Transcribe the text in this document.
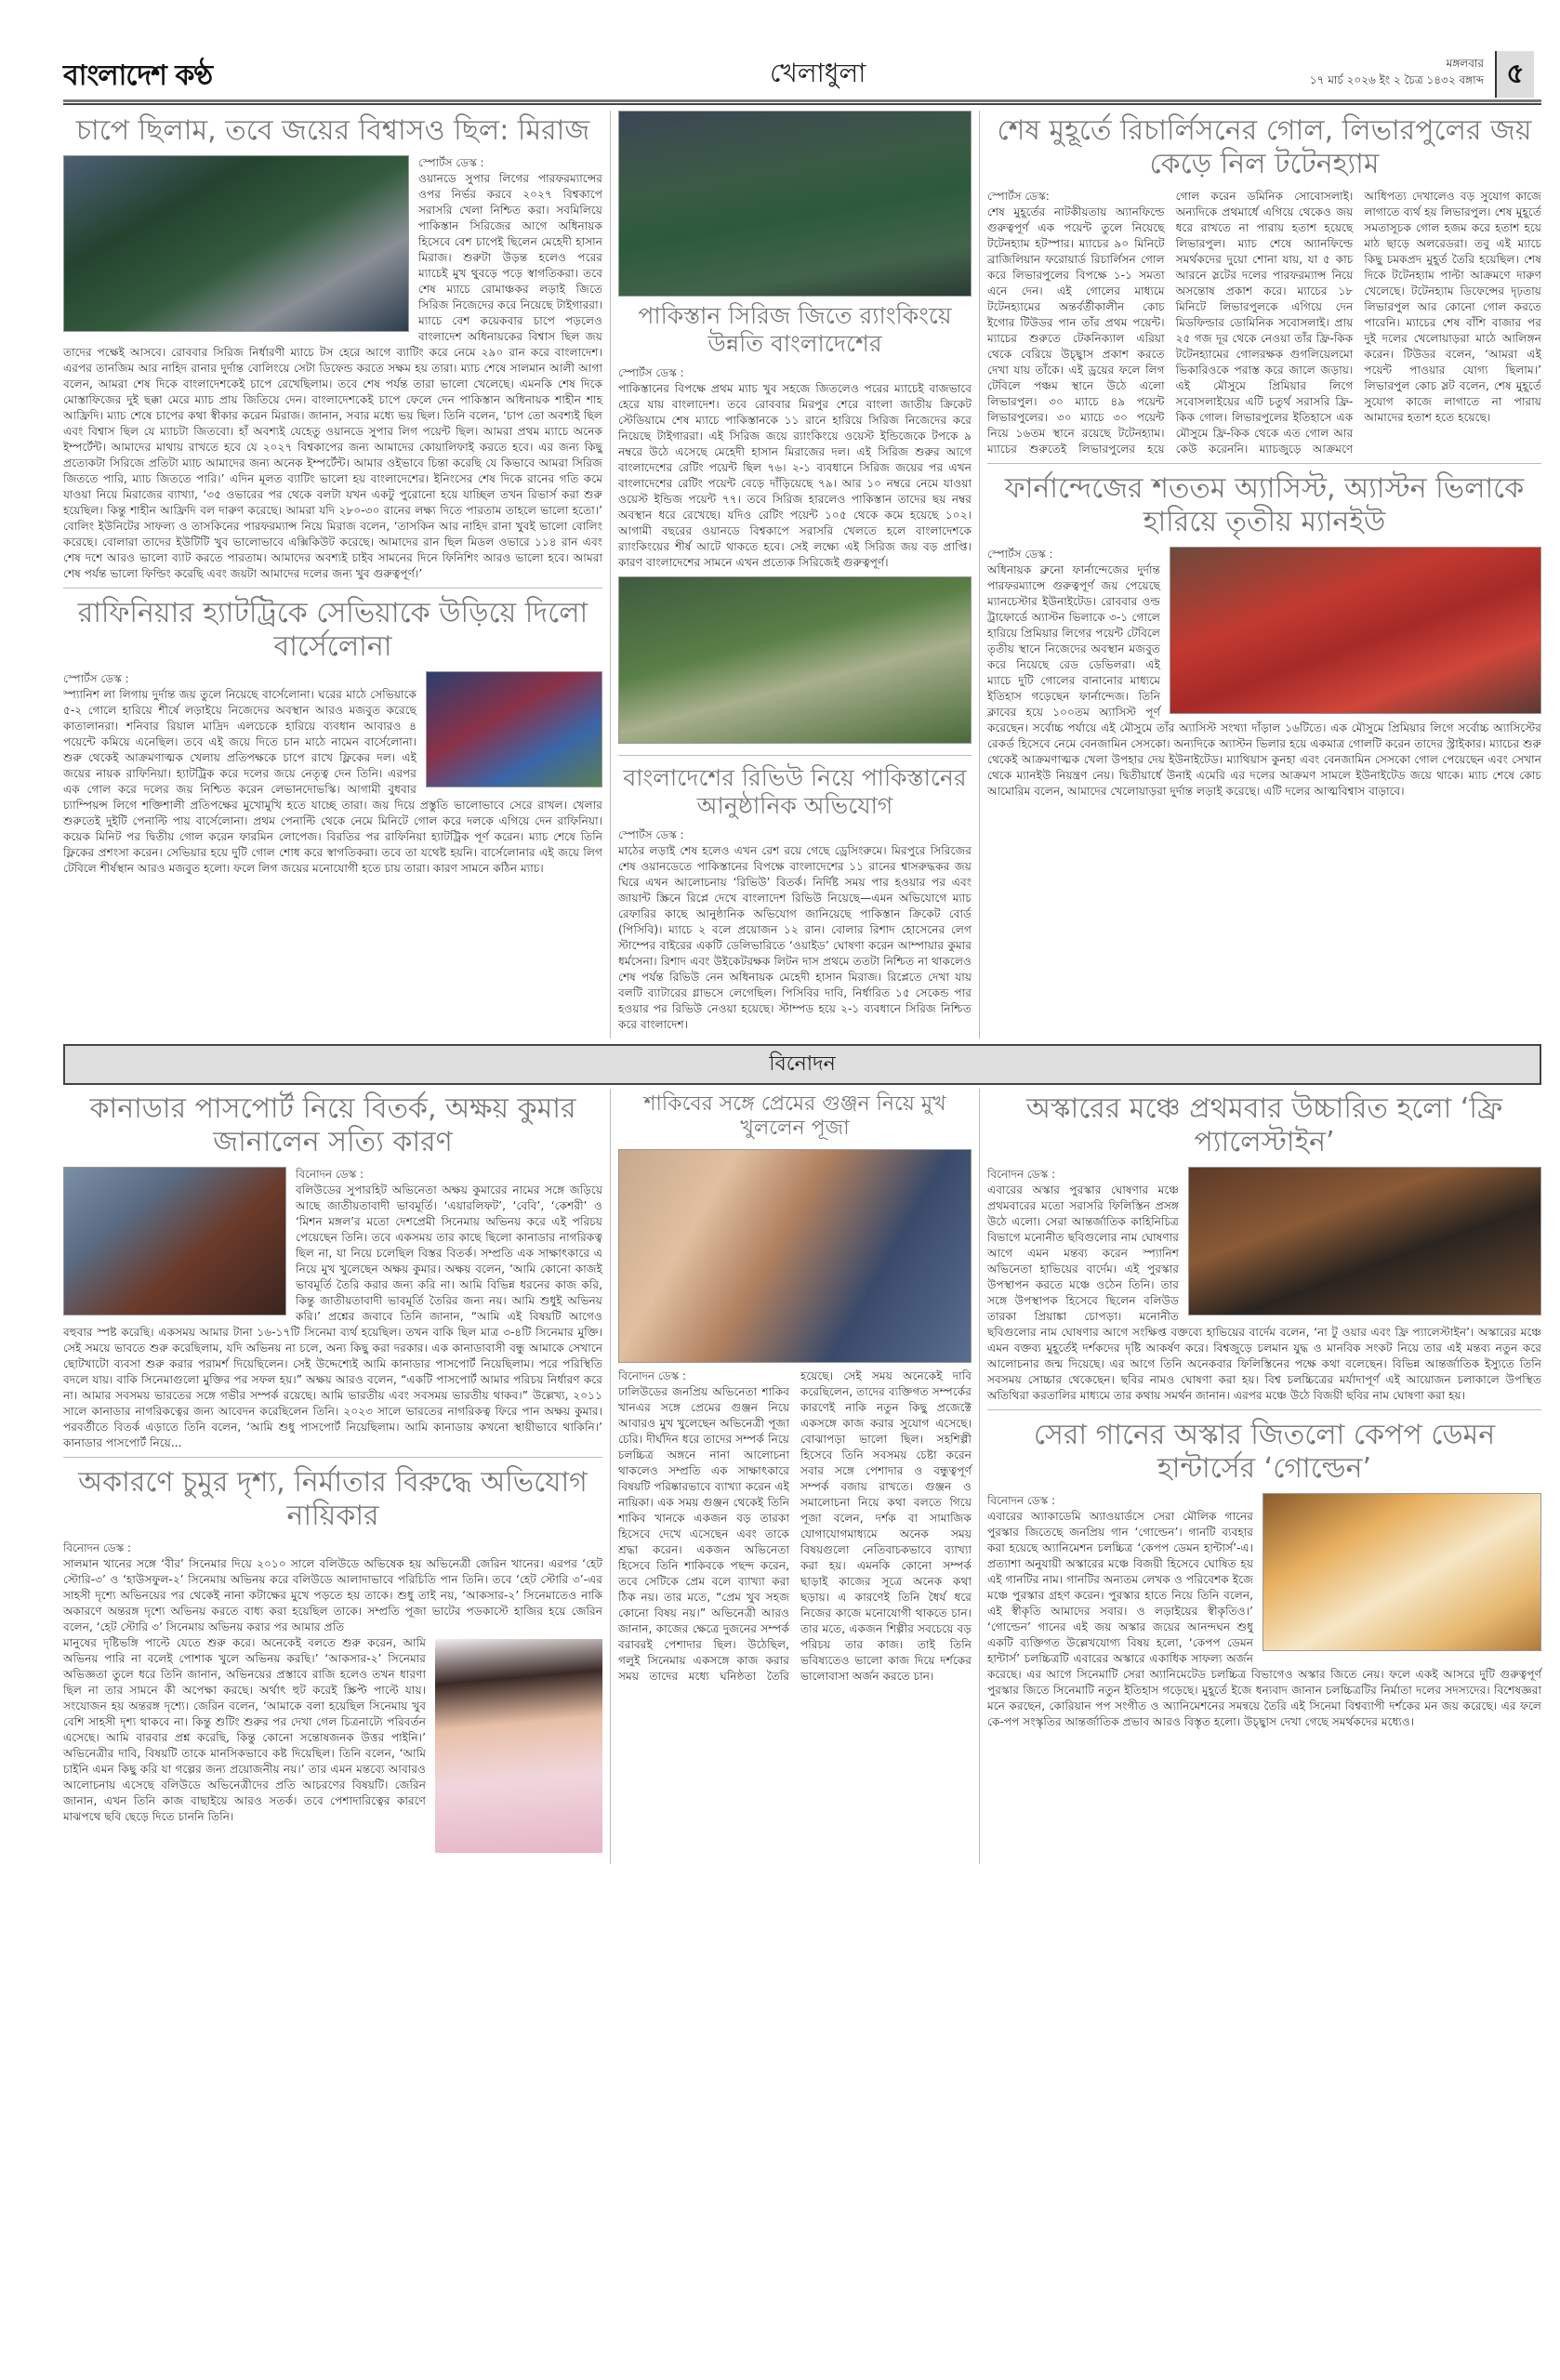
বাংলাদেশ কণ্ঠ	খেলাধুলা	মঙ্গলবার
১৭ মার্চ ২০২৬ ইং ২ চৈত্র ১৪৩২ বঙ্গাব্দ ৫
চাপে ছিলাম, তবে জয়ের বিশ্বাসও ছিল: মিরাজ

স্পোর্টস ডেস্ক :

ওয়ানডে সুপার লিগের পারফরম্যান্সের ওপর নির্ভর করবে ২০২৭ বিশ্বকাপে সরাসরি খেলা নিশ্চিত করা। সবমিলিয়ে পাকিস্তান সিরিজের আগে অধিনায়ক হিসেবে বেশ চাপেই ছিলেন মেহেদী হাসান মিরাজ। শুরুটা উড়ন্ত হলেও পরের ম্যাচেই মুখ থুবড়ে পড়ে স্বাগতিকরা। তবে শেষ ম্যাচে রোমাঞ্চকর লড়াই জিতে সিরিজ নিজেদের করে নিয়েছে টাইগাররা। ম্যাচে বেশ কয়েকবার চাপে পড়লেও বাংলাদেশ অধিনায়কের বিশ্বাস ছিল জয় তাদের পক্ষেই আসবে। রোববার সিরিজ নির্ধারণী ম্যাচে টস হেরে আগে ব্যাটিং করে নেমে ২৯০ রান করে বাংলাদেশ। এরপর তানজিম আর নাহিদ রানার দুর্দান্ত বোলিংয়ে সেটা ডিফেন্ড করতে সক্ষম হয় তারা। ম্যাচ শেষে সালমান আলী আগা বলেন, আমরা শেষ দিকে বাংলাদেশকেই চাপে রেখেছিলাম। তবে শেষ পর্যন্ত তারা ভালো খেলেছে। এমনকি শেষ দিকে মোস্তাফিজের দুই ছক্কা মেরে ম্যাচ প্রায় জিতিয়ে দেন। বাংলাদেশকেই চাপে ফেলে দেন পাকিস্তান অধিনায়ক শাহীন শাহ আফ্রিদি। ম্যাচ শেষে চাপের কথা স্বীকার করেন মিরাজ। জানান, সবার মধ্যে ভয় ছিল। তিনি বলেন, ‘চাপ তো অবশ্যই ছিল এবং বিশ্বাস ছিল যে ম্যাচটা জিতবো। হাঁ অবশ্যই যেহেতু ওয়ানডে সুপার লিগ পয়েন্ট ছিল। আমরা প্রথম ম্যাচে অনেক ইম্পর্টেন্ট। আমাদের মাথায় রাখতে হবে যে ২০২৭ বিশ্বকাপের জন্য আমাদের কোয়ালিফাই করতে হবে। এর জন্য কিছু প্রত্যেকটা সিরিজে প্রতিটা ম্যাচ আমাদের জন্য অনেক ইম্পর্টেন্ট। আমার ওইভাবে চিন্তা করেছি যে কিভাবে আমরা সিরিজ জিততে পারি, ম্যাচ জিততে পারি।’ এদিন মূলত ব্যাটিং ভালো হয় বাংলাদেশের। ইনিংসের শেষ দিকে রানের গতি কমে যাওয়া নিয়ে মিরাজের ব্যাখ্যা, ‘৩৫ ওভারের পর থেকে বলটা যখন একটু পুরোনো হয়ে যাচ্ছিল তখন রিভার্স করা শুরু হয়েছিল। কিন্তু শাহীন আফ্রিদি বল দারুণ করেছে। আমরা যদি ২৮০-৩০ রানের লক্ষ্য দিতে পারতাম তাহলে ভালো হতো।’ বোলিং ইউনিটের সাফল্য ও তাসকিনের পারফরম্যান্স নিয়ে মিরাজ বলেন, ‘তাসকিন আর নাহিদ রানা খুবই ভালো বোলিং করেছে। বোলারা তাদের ইউটিটি খুব ভালোভাবে এক্সিকিউট করেছে। আমাদের রান ছিল মিডল ওভারে ১১৪ রান এবং শেষ দশে আরও ভালো ব্যাট করতে পারতাম। আমাদের অবশ্যই চাইব সামনের দিনে ফিনিশিং আরও ভালো হবে। আমরা শেষ পর্যন্ত ভালো ফিল্ডিং করেছি এবং জয়টা আমাদের দলের জন্য খুব গুরুত্বপূর্ণ।’

রাফিনিয়ার হ্যাটট্রিকে সেভিয়াকে উড়িয়ে দিলো বার্সেলোনা

স্পোর্টস ডেস্ক :

স্প্যানিশ লা লিগায় দুর্দান্ত জয় তুলে নিয়েছে বার্সেলোনা। ঘরের মাঠে সেভিয়াকে ৫-২ গোলে হারিয়ে শীর্ষে লড়াইয়ে নিজেদের অবস্থান আরও মজবুত করেছে কাতালানরা। শনিবার রিয়াল মাদ্রিদ এলচেকে হারিয়ে ব্যবধান আবারও ৪ পয়েন্টে কমিয়ে এনেছিল। তবে এই জয়ে দিতে চান মাঠে নামেন বার্সেলোনা। শুরু থেকেই আক্রমণাত্মক খেলায় প্রতিপক্ষকে চাপে রাখে ফ্লিকের দল। এই জয়ের নায়ক রাফিনিয়া। হ্যাটট্রিক করে দলের জয়ে নেতৃত্ব দেন তিনি। এরপর এক গোল করে দলের জয় নিশ্চিত করেন লেভানদোভস্কি। আগামী বুধবার চ্যাম্পিয়ন্স লিগে শক্তিশালী প্রতিপক্ষের মুখোমুখি হতে যাচ্ছে তারা। জয় দিয়ে প্রস্তুতি ভালোভাবে সেরে রাখল। খেলার শুরুতেই দুইটি পেনাল্টি পায় বার্সেলোনা। প্রথম পেনাল্টি থেকে নেমে মিনিটে গোল করে দলকে এগিয়ে দেন রাফিনিয়া। কয়েক মিনিট পর দ্বিতীয় গোল করেন ফারমিন লোপেজ। বিরতির পর রাফিনিয়া হ্যাটট্রিক পূর্ণ করেন। ম্যাচ শেষে তিনি ফ্লিকের প্রশংসা করেন। সেভিয়ার হয়ে দুটি গোল শোধ করে স্বাগতিকরা। তবে তা যথেষ্ট হয়নি। বার্সেলোনার এই জয়ে লিগ টেবিলে শীর্ষস্থান আরও মজবুত হলো। ফলে লিগ জয়ের মনোযোগী হতে চায় তারা। কারণ সামনে কঠিন ম্যাচ।

পাকিস্তান সিরিজ জিতে র‍্যাংকিংয়ে উন্নতি বাংলাদেশের

স্পোর্টস ডেস্ক :

পাকিস্তানের বিপক্ষে প্রথম ম্যাচ খুব সহজে জিতলেও পরের ম্যাচেই বাজভাবে হেরে যায় বাংলাদেশ। তবে রোববার মিরপুর শেরে বাংলা জাতীয় ক্রিকেট স্টেডিয়ামে শেষ ম্যাচে পাকিস্তানকে ১১ রানে হারিয়ে সিরিজ নিজেদের করে নিয়েছে টাইগাররা। এই সিরিজ জয়ে র‍্যাংকিংয়ে ওয়েস্ট ইন্ডিজেকে টপকে ৯ নম্বরে উঠে এসেছে মেহেদী হাসান মিরাজের দল। এই সিরিজ শুরুর আগে বাংলাদেশের রেটিং পয়েন্ট ছিল ৭৬। ২-১ ব্যবধানে সিরিজ জয়ের পর এখন বাংলাদেশের রেটিং পয়েন্ট বেড়ে দাঁড়িয়েছে ৭৯। আর ১০ নম্বরে নেমে যাওয়া ওয়েস্ট ইন্ডিজ পয়েন্ট ৭৭। তবে সিরিজ হারলেও পাকিস্তান তাদের ছয় নম্বর অবস্থান ধরে রেখেছে। যদিও রেটিং পয়েন্ট ১০৫ থেকে কমে হয়েছে ১০২। আগামী বছরের ওয়ানডে বিশ্বকাপে সরাসরি খেলতে হলে বাংলাদেশকে র‍্যাংকিংয়ের শীর্ষ আটে থাকতে হবে। সেই লক্ষ্যে এই সিরিজ জয় বড় প্রাপ্তি। কারণ বাংলাদেশের সামনে এখন প্রত্যেক সিরিজেই গুরুত্বপূর্ণ।

বাংলাদেশের রিভিউ নিয়ে পাকিস্তানের আনুষ্ঠানিক অভিযোগ

স্পোর্টস ডেস্ক :

মাঠের লড়াই শেষ হলেও এখন রেশ রয়ে গেছে ড্রেসিংরুমে। মিরপুরে সিরিজের শেষ ওয়ানডেতে পাকিস্তানের বিপক্ষে বাংলাদেশের ১১ রানের শ্বাসরুদ্ধকর জয় ঘিরে এখন আলোচনায় ‘রিভিউ’ বিতর্ক। নির্দিষ্ট সময় পার হওয়ার পর এবং জায়ান্ট স্ক্রিনে রিপ্লে দেখে বাংলাদেশ রিভিউ নিয়েছে—এমন অভিযোগে ম্যাচ রেফারির কাছে আনুষ্ঠানিক অভিযোগ জানিয়েছে পাকিস্তান ক্রিকেট বোর্ড (পিসিবি)। ম্যাচে ২ বলে প্রয়োজন ১২ রান। বোলার রিশাদ হোসেনের লেগ স্টাম্পের বাইরের একটি ডেলিভারিতে ‘ওয়াইড’ ঘোষণা করেন আম্পায়ার কুমার ধর্মসেনা। রিশাদ এবং উইকেটরক্ষক লিটন দাস প্রথমে ততটা নিশ্চিত না থাকলেও শেষ পর্যন্ত রিভিউ নেন অধিনায়ক মেহেদী হাসান মিরাজ। রিপ্লেতে দেখা যায় বলটি ব্যাটারের গ্লাভসে লেগেছিল। পিসিবির দাবি, নির্ধারিত ১৫ সেকেন্ড পার হওয়ার পর রিভিউ নেওয়া হয়েছে। স্টাম্পড হয়ে ২-১ ব্যবধানে সিরিজ নিশ্চিত করে বাংলাদেশ।

শেষ মুহূর্তে রিচার্লিসনের গোল, লিভারপুলের জয় কেড়ে নিল টটেনহ্যাম

স্পোর্টস ডেস্ক:

শেষ মুহূর্তের নাটকীয়তায় অ্যানফিল্ডে গুরুত্বপূর্ণ এক পয়েন্ট তুলে নিয়েছে টটেনহ্যাম হটস্পার। ম্যাচের ৯০ মিনিটে ব্রাজিলিয়ান ফরোয়ার্ড রিচার্লিসন গোল করে লিভারপুলের বিপক্ষে ১-১ সমতা এনে দেন। এই গোলের মাধ্যমে টটেনহ্যামের অন্তর্বর্তীকালীন কোচ ইগোর টিউডর পান তাঁর প্রথম পয়েন্ট। ম্যাচের শুরুতে টেকনিক্যাল এরিয়া থেকে বেরিয়ে উচ্ছ্বাস প্রকাশ করতে দেখা যায় তাঁকে। এই ড্রয়ের ফলে লিগ টেবিলে পঞ্চম স্থানে উঠে এলো লিভারপুল। ৩০ ম্যাচে ৪৯ পয়েন্ট লিভারপুলের। ৩০ ম্যাচে ৩০ পয়েন্ট নিয়ে ১৬তম স্থানে রয়েছে টটেনহ্যাম। ম্যাচের শুরুতেই লিভারপুলের হয়ে গোল করেন ডমিনিক সোবোসলাই। অন্যদিকে প্রথমার্ধে এগিয়ে থেকেও জয় ধরে রাখতে না পারায় হতাশ হয়েছে লিভারপুল। ম্যাচ শেষে অ্যানফিল্ডে সমর্থকদের দুয়ো শোনা যায়, যা ৫ কাচ আরনে স্লটের দলের পারফরম্যান্স নিয়ে অসন্তোষ প্রকাশ করে। ম্যাচের ১৮ মিনিটে লিভারপুলকে এগিয়ে দেন মিডফিল্ডার ডোমিনিক সবোসলাই। প্রায় ২৫ গজ দূর থেকে নেওয়া তাঁর ফ্রি-কিক টটেনহ্যামের গোলরক্ষক গুগলিয়েলমো ভিকারিওকে পরাস্ত করে জালে জড়ায়। এই মৌসুমে প্রিমিয়ার লিগে সবোসলাইয়ের এটি চতুর্থ সরাসরি ফ্রি-কিক গোল। লিভারপুলের ইতিহাসে এক মৌসুমে ফ্রি-কিক থেকে এত গোল আর কেউ করেননি। ম্যাচজুড়ে আক্রমণে আধিপত্য দেখালেও বড় সুযোগ কাজে লাগাতে ব্যর্থ হয় লিভারপুল। শেষ মুহূর্তে সমতাসূচক গোল হজম করে হতাশ হয়ে মাঠ ছাড়ে অলরেডরা। তবু এই ম্যাচে কিছু চমকপ্রদ মুহূর্ত তৈরি হয়েছিল। শেষ দিকে টটেনহ্যাম পাল্টা আক্রমণে দারুণ খেলেছে। টটেনহ্যাম ডিফেন্সের দৃঢ়তায় লিভারপুল আর কোনো গোল করতে পারেনি। ম্যাচের শেষ বাঁশি বাজার পর দুই দলের খেলোয়াড়রা মাঠে আলিঙ্গন করেন। টিউডর বলেন, ‘আমরা এই পয়েন্ট পাওয়ার যোগ্য ছিলাম।’ লিভারপুল কোচ স্লট বলেন, শেষ মুহূর্তে সুযোগ কাজে লাগাতে না পারায় আমাদের হতাশ হতে হয়েছে।

ফার্নান্দেজের শততম অ্যাসিস্ট, অ্যাস্টন ভিলাকে হারিয়ে তৃতীয় ম্যানইউ

স্পোর্টস ডেস্ক :

অধিনায়ক ব্রুনো ফার্নান্দেজের দুর্দান্ত পারফরম্যান্সে গুরুত্বপূর্ণ জয় পেয়েছে ম্যানচেস্টার ইউনাইটেড। রোববার ওল্ড ট্রাফোর্ডে অ্যাস্টন ভিলাকে ৩-১ গোলে হারিয়ে প্রিমিয়ার লিগের পয়েন্ট টেবিলে তৃতীয় স্থানে নিজেদের অবস্থান মজবুত করে নিয়েছে রেড ডেভিলরা। এই ম্যাচে দুটি গোলের বানানোর মাধ্যমে ইতিহাস গড়েছেন ফার্নান্দেজ। তিনি ক্লাবের হয়ে ১০০তম অ্যাসিস্ট পূর্ণ করেছেন। সর্বোচ্চ পর্যায়ে এই মৌসুমে তাঁর অ্যাসিস্ট সংখ্যা দাঁড়াল ১৬টিতে। এক মৌসুমে প্রিমিয়ার লিগে সর্বোচ্চ অ্যাসিস্টের রেকর্ড হিসেবে নেমে বেনজামিন সেসকো। অন্যদিকে অ্যাস্টন ভিলার হয়ে একমাত্র গোলটি করেন তাদের স্ট্রাইকার। ম্যাচের শুরু থেকেই আক্রমণাত্মক খেলা উপহার দেয় ইউনাইটেড। ম্যাথিয়াস কুনহা এবং বেনজামিন সেসকো গোল পেয়েছেন এবং সেখান থেকে ম্যানইউ নিয়ন্ত্রণ নেয়। দ্বিতীয়ার্ধে উনাই এমেরি এর দলের আক্রমণ সামলে ইউনাইটেড জয়ে থাকে। ম্যাচ শেষে কোচ আমোরিম বলেন, আমাদের খেলোয়াড়রা দুর্দান্ত লড়াই করেছে। এটি দলের আত্মবিশ্বাস বাড়াবে।

বিনোদন
কানাডার পাসপোর্ট নিয়ে বিতর্ক, অক্ষয় কুমার জানালেন সত্যি কারণ

বিনোদন ডেস্ক :

বলিউডের সুপারহিট অভিনেতা অক্ষয় কুমারের নামের সঙ্গে জড়িয়ে আছে জাতীয়তাবাদী ভাবমূর্তি। ‘এয়ারলিফট’, ‘বেবি’, ‘কেশরী’ ও ‘মিশন মঙ্গল’র মতো দেশপ্রেমী সিনেমায় অভিনয় করে এই পরিচয় পেয়েছেন তিনি। তবে একসময় তার কাছে ছিলো কানাডার নাগরিকত্ব ছিল না, যা নিয়ে চলেছিল বিস্তর বিতর্ক। সম্প্রতি এক সাক্ষাৎকারে এ নিয়ে মুখ খুলেছেন অক্ষয় কুমার। অক্ষয় বলেন, ‘আমি কোনো কাজই ভাবমূর্তি তৈরি করার জন্য করি না। আমি বিভিন্ন ধরনের কাজ করি, কিন্তু জাতীয়তাবাদী ভাবমূর্তি তৈরির জন্য নয়। আমি শুধুই অভিনয় করি।’ প্রশ্নের জবাবে তিনি জানান, “আমি এই বিষয়টি আগেও বহুবার স্পষ্ট করেছি। একসময় আমার টানা ১৬-১৭টি সিনেমা ব্যর্থ হয়েছিল। তখন বাকি ছিল মাত্র ৩-৪টি সিনেমার মুক্তি। সেই সময়ে ভাবতে শুরু করেছিলাম, যদি অভিনয় না চলে, অন্য কিছু করা দরকার। এক কানাডাবাসী বন্ধু আমাকে সেখানে ছোটখাটো ব্যবসা শুরু করার পরামর্শ দিয়েছিলেন। সেই উদ্দেশ্যেই আমি কানাডার পাসপোর্ট নিয়েছিলাম। পরে পরিস্থিতি বদলে যায়। বাকি সিনেমাগুলো মুক্তির পর সফল হয়।” অক্ষয় আরও বলেন, “একটি পাসপোর্ট আমার পরিচয় নির্ধারণ করে না। আমার সবসময় ভারতের সঙ্গে গভীর সম্পর্ক রয়েছে। আমি ভারতীয় এবং সবসময় ভারতীয় থাকব।” উল্লেখ্য, ২০১১ সালে কানাডার নাগরিকত্বের জন্য আবেদন করেছিলেন তিনি। ২০২৩ সালে ভারতের নাগরিকত্ব ফিরে পান অক্ষয় কুমার। পরবর্তীতে বিতর্ক এড়াতে তিনি বলেন, ‘আমি শুধু পাসপোর্ট নিয়েছিলাম। আমি কানাডায় কখনো স্থায়ীভাবে থাকিনি।’ কানাডার পাসপোর্ট নিয়ে...

অকারণে চুমুর দৃশ্য, নির্মাতার বিরুদ্ধে অভিযোগ নায়িকার

বিনোদন ডেস্ক :

সালমান খানের সঙ্গে ‘বীর’ সিনেমার দিয়ে ২০১০ সালে বলিউডে অভিষেক হয় অভিনেত্রী জেরিন খানের। এরপর ‘হেট স্টোরি-৩’ ও ‘হাউসফুল-২’ সিনেমায় অভিনয় করে বলিউডে আলাদাভাবে পরিচিতি পান তিনি। তবে ‘হেট স্টোরি ৩’-এর সাহসী দৃশ্যে অভিনয়ের পর থেকেই নানা কটাক্ষের মুখে পড়তে হয় তাকে। শুধু তাই নয়, ‘আকসার-২’ সিনেমাতেও নাকি অকারণে অন্তরঙ্গ দৃশ্যে অভিনয় করতে বাধ্য করা হয়েছিল তাকে। সম্প্রতি পূজা ভাটের পডকাস্টে হাজির হয়ে জেরিন বলেন, ‘হেট স্টোরি ৩’ সিনেমায় অভিনয় করার পর আমার প্রতি

মানুষের দৃষ্টিভঙ্গি পাল্টে যেতে শুরু করে। অনেকেই বলতে শুরু করেন, আমি অভিনয় পারি না বলেই পোশাক খুলে অভিনয় করছি।’ ‘আকসার-২’ সিনেমার অভিজ্ঞতা তুলে ধরে তিনি জানান, অভিনয়ের প্রস্তাবে রাজি হলেও তখন ধারণা ছিল না তার সামনে কী অপেক্ষা করছে। অর্থাৎ হুট করেই স্ক্রিপ্ট পাল্টে যায়। সংযোজন হয় অন্তরঙ্গ দৃশ্যে। জেরিন বলেন, ‘আমাকে বলা হয়েছিল সিনেমায় খুব বেশি সাহসী দৃশ্য থাকবে না। কিন্তু শুটিং শুরুর পর দেখা গেল চিত্রনাট্যে পরিবর্তন এসেছে। আমি বারবার প্রশ্ন করেছি, কিন্তু কোনো সন্তোষজনক উত্তর পাইনি।’ অভিনেত্রীর দাবি, বিষয়টি তাকে মানসিকভাবে কষ্ট দিয়েছিল। তিনি বলেন, ‘আমি চাইনি এমন কিছু করি যা গল্পের জন্য প্রয়োজনীয় নয়।’ তার এমন মন্তব্যে আবারও আলোচনায় এসেছে বলিউডে অভিনেত্রীদের প্রতি আচরণের বিষয়টি। জেরিন জানান, এখন তিনি কাজ বাছাইয়ে আরও সতর্ক। তবে পেশাদারিত্বের কারণে মাঝপথে ছবি ছেড়ে দিতে চাননি তিনি।

শাকিবের সঙ্গে প্রেমের গুঞ্জন নিয়ে মুখ খুললেন পূজা

বিনোদন ডেস্ক :

ঢালিউডের জনপ্রিয় অভিনেতা শাকিব খানএর সঙ্গে প্রেমের গুঞ্জন নিয়ে আবারও মুখ খুলেছেন অভিনেত্রী পূজা চেরি। দীর্ঘদিন ধরে তাদের সম্পর্ক নিয়ে চলচ্চিত্র অঙ্গনে নানা আলোচনা থাকলেও সম্প্রতি এক সাক্ষাৎকারে বিষয়টি পরিষ্কারভাবে ব্যাখ্যা করেন এই নায়িকা। এক সময় গুঞ্জন থেকেই তিনি শাকিব খানকে একজন বড় তারকা হিসেবে দেখে এসেছেন এবং তাকে শ্রদ্ধা করেন। একজন অভিনেতা হিসেবে তিনি শাকিবকে পছন্দ করেন, তবে সেটিকে প্রেম বলে ব্যাখ্যা করা ঠিক নয়। তার মতে, “প্রেম খুব সহজ কোনো বিষয় নয়।” অভিনেত্রী আরও জানান, কাজের ক্ষেত্রে দুজনের সম্পর্ক বরাবরই পেশাদার ছিল। উঠেছিল, গলুই সিনেমায় একসঙ্গে কাজ করার সময় তাদের মধ্যে ঘনিষ্ঠতা তৈরি হয়েছে। সেই সময় অনেকেই দাবি করেছিলেন, তাদের ব্যক্তিগত সম্পর্কের কারণেই নাকি নতুন কিছু প্রজেক্টে একসঙ্গে কাজ করার সুযোগ এসেছে। বোঝাপড়া ভালো ছিল। সহশিল্পী হিসেবে তিনি সবসময় চেষ্টা করেন সবার সঙ্গে পেশাদার ও বন্ধুত্বপূর্ণ সম্পর্ক বজায় রাখতে। গুঞ্জন ও সমালোচনা নিয়ে কথা বলতে গিয়ে পূজা বলেন, দর্শক বা সামাজিক যোগাযোগমাধ্যমে অনেক সময় বিষয়গুলো নেতিবাচকভাবে ব্যাখ্যা করা হয়। এমনকি কোনো সম্পর্ক ছাড়াই কাজের সূত্রে অনেক কথা ছড়ায়। এ কারণেই তিনি ধৈর্য ধরে নিজের কাজে মনোযোগী থাকতে চান। তার মতে, একজন শিল্পীর সবচেয়ে বড় পরিচয় তার কাজ। তাই তিনি ভবিষ্যতেও ভালো কাজ দিয়ে দর্শকের ভালোবাসা অর্জন করতে চান।

অস্কারের মঞ্চে প্রথমবার উচ্চারিত হলো ‘ফ্রি প্যালেস্টাইন’

বিনোদন ডেস্ক :

এবারের অস্কার পুরস্কার ঘোষণার মঞ্চে প্রথমবারের মতো সরাসরি ফিলিস্তিন প্রসঙ্গ উঠে এলো। সেরা আন্তর্জাতিক কাহিনিচিত্র বিভাগে মনোনীত ছবিগুলোর নাম ঘোষণার আগে এমন মন্তব্য করেন স্প্যানিশ অভিনেতা হাভিয়ের বার্দেম। এই পুরস্কার উপস্থাপন করতে মঞ্চে ওঠেন তিনি। তার সঙ্গে উপস্থাপক হিসেবে ছিলেন বলিউড তারকা প্রিয়াঙ্কা চোপড়া। মনোনীত ছবিগুলোর নাম ঘোষণার আগে সংক্ষিপ্ত বক্তব্যে হাভিয়ের বার্দেম বলেন, ‘না টু ওয়ার এবং ফ্রি প্যালেস্টাইন’। অস্কারের মঞ্চে এমন বক্তব্য মুহূর্তেই দর্শকদের দৃষ্টি আকর্ষণ করে। বিশ্বজুড়ে চলমান যুদ্ধ ও মানবিক সংকট নিয়ে তার এই মন্তব্য নতুন করে আলোচনার জন্ম দিয়েছে। এর আগে তিনি অনেকবার ফিলিস্তিনের পক্ষে কথা বলেছেন। বিভিন্ন আন্তর্জাতিক ইস্যুতে তিনি সবসময় সোচ্চার থেকেছেন। ছবির নামও ঘোষণা করা হয়। বিশ্ব চলচ্চিত্রের মর্যাদাপূর্ণ এই আয়োজন চলাকালে উপস্থিত অতিথিরা করতালির মাধ্যমে তার কথায় সমর্থন জানান। এরপর মঞ্চে উঠে বিজয়ী ছবির নাম ঘোষণা করা হয়।

সেরা গানের অস্কার জিতলো কেপপ ডেমন হান্টার্সের ‘গোল্ডেন’

বিনোদন ডেস্ক :

এবারের অ্যাকাডেমি অ্যাওয়ার্ডসে সেরা মৌলিক গানের পুরস্কার জিতেছে জনপ্রিয় গান ‘গোল্ডেন’। গানটি ব্যবহার করা হয়েছে অ্যানিমেশন চলচ্চিত্র ‘কেপপ ডেমন হান্টার্স’-এ। প্রত্যাশা অনুযায়ী অস্কারের মঞ্চে বিজয়ী হিসেবে ঘোষিত হয় এই গানটির নাম। গানটির অন্যতম লেখক ও পরিবেশক ইজে মঞ্চে পুরস্কার গ্রহণ করেন। পুরস্কার হাতে নিয়ে তিনি বলেন, এই স্বীকৃতি আমাদের সবার। ও লড়াইয়ের স্বীকৃতিও।’ ‘গোল্ডেন’ গানের এই জয় অস্কার জয়ের আনন্দঘন শুধু একটি ব্যক্তিগত উল্লেখযোগ্য বিষয় হলো, ‘কেপপ ডেমন হান্টার্স’ চলচ্চিত্রটি এবারের অস্কারে একাধিক সাফল্য অর্জন করেছে। এর আগে সিনেমাটি সেরা অ্যানিমেটেড চলচ্চিত্র বিভাগেও অস্কার জিতে নেয়। ফলে একই আসরে দুটি গুরুত্বপূর্ণ পুরস্কার জিতে সিনেমাটি নতুন ইতিহাস গড়েছে। মুহূর্তে ইজে ধন্যবাদ জানান চলচ্চিত্রটির নির্মাতা দলের সদস্যদের। বিশেষজ্ঞরা মনে করছেন, কোরিয়ান পপ সংগীত ও অ্যানিমেশনের সমন্বয়ে তৈরি এই সিনেমা বিশ্বব্যাপী দর্শকের মন জয় করেছে। এর ফলে কে-পপ সংস্কৃতির আন্তর্জাতিক প্রভাব আরও বিস্তৃত হলো। উচ্ছ্বাস দেখা গেছে সমর্থকদের মধ্যেও।
